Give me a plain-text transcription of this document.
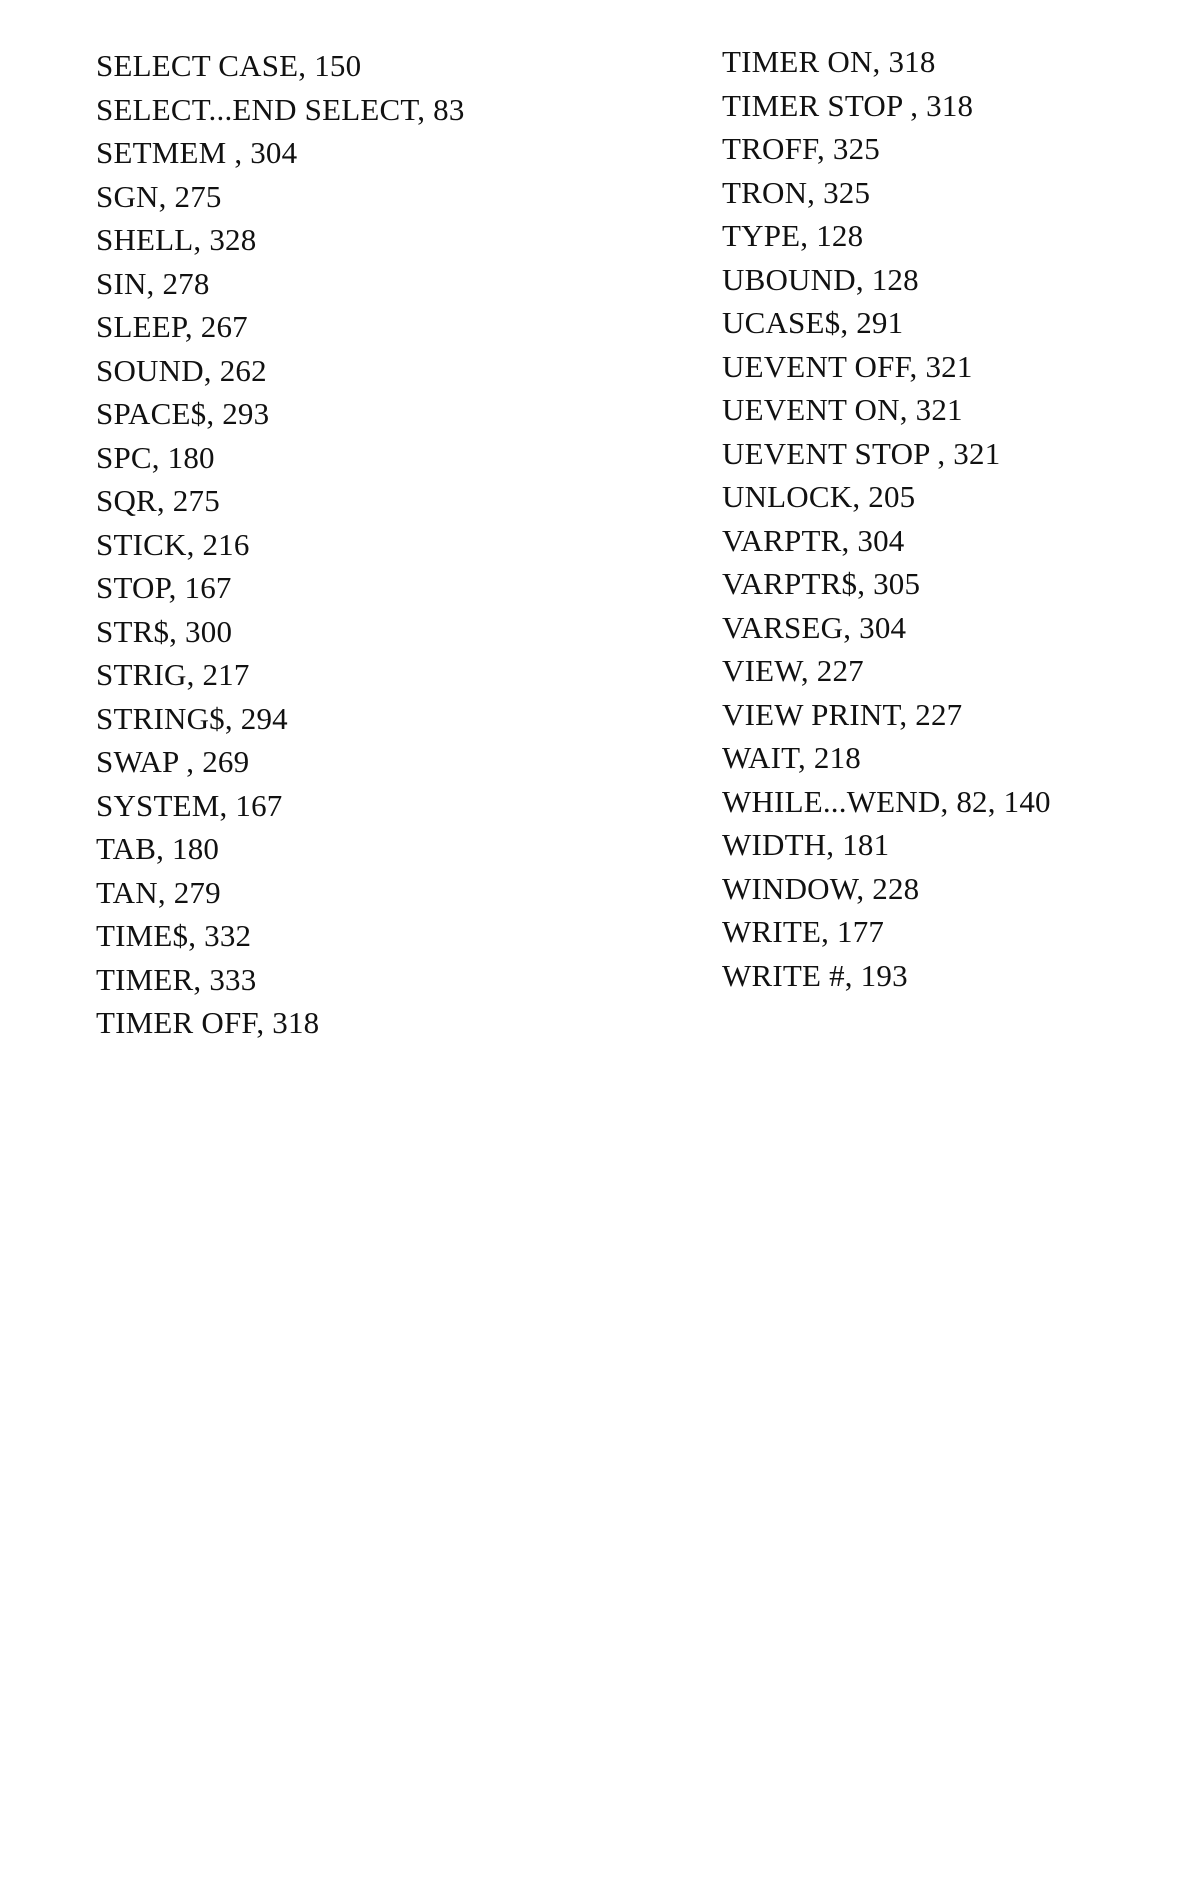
SELECT CASE, 150
SELECT...END SELECT, 83
SETMEM , 304
SGN, 275
SHELL, 328
SIN, 278
SLEEP, 267
SOUND, 262
SPACE$, 293
SPC, 180
SQR, 275
STICK, 216
STOP, 167
STR$, 300
STRIG, 217
STRING$, 294
SWAP , 269
SYSTEM, 167
TAB, 180
TAN, 279
TIME$, 332
TIMER, 333
TIMER OFF, 318
TIMER ON, 318
TIMER STOP , 318
TROFF, 325
TRON, 325
TYPE, 128
UBOUND, 128
UCASE$, 291
UEVENT OFF, 321
UEVENT ON, 321
UEVENT STOP , 321
UNLOCK, 205
VARPTR, 304
VARPTR$, 305
VARSEG, 304
VIEW, 227
VIEW PRINT, 227
WAIT, 218
WHILE...WEND, 82, 140
WIDTH, 181
WINDOW, 228
WRITE, 177
WRITE #, 193
